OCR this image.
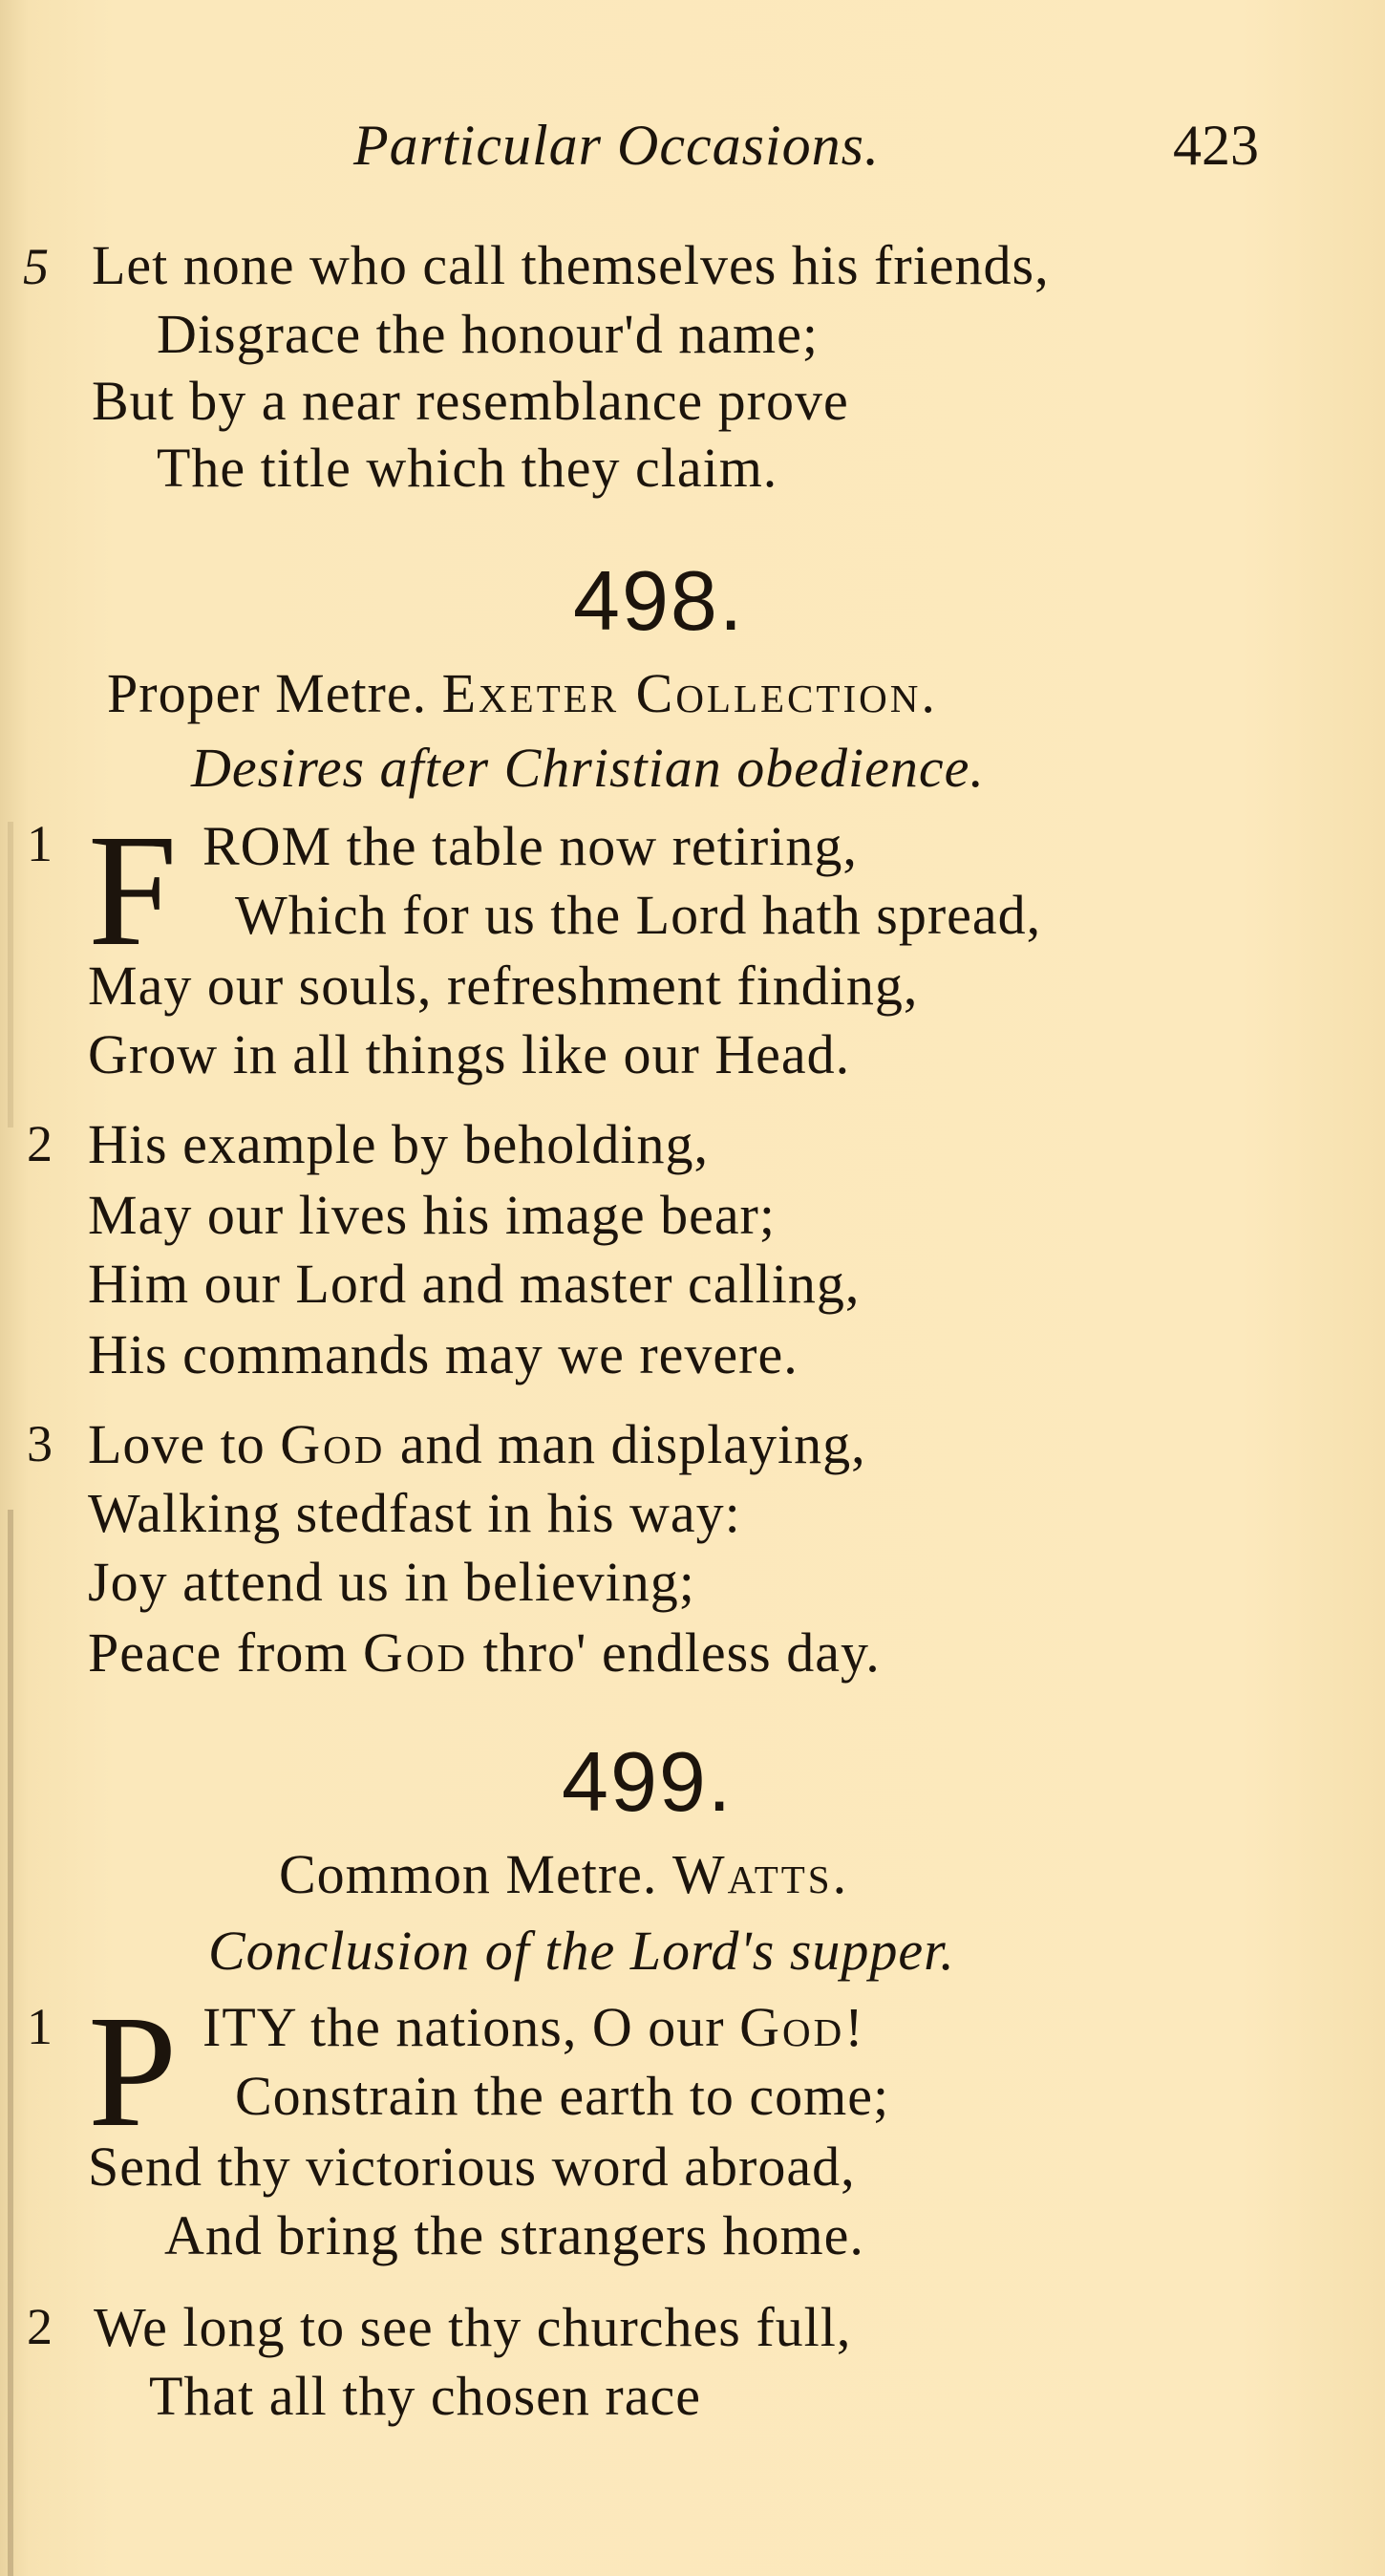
Particular Occasions.	423
5 Let none who call themselves his friends,
Disgrace the honour'd name;
But by a near resemblance prove
The title which they claim.
498.
Proper Metre. Exeter Collection.
Desires after Christian obedience.
1 F ROM the table now retiring,
Which for us the Lord hath spread,
May our souls, refreshment finding,
Grow in all things like our Head.
2 His example by beholding,
May our lives his image bear;
Him our Lord and master calling,
His commands may we revere.
3 Love to God and man displaying,
Walking stedfast in his way:
Joy attend us in believing;
Peace from God thro' endless day.
499.
Common Metre. Watts.
Conclusion of the Lord's supper.
1 P ITY the nations, O our God!
Constrain the earth to come;
Send thy victorious word abroad,
And bring the strangers home.
2 We long to see thy churches full,
That all thy chosen race
